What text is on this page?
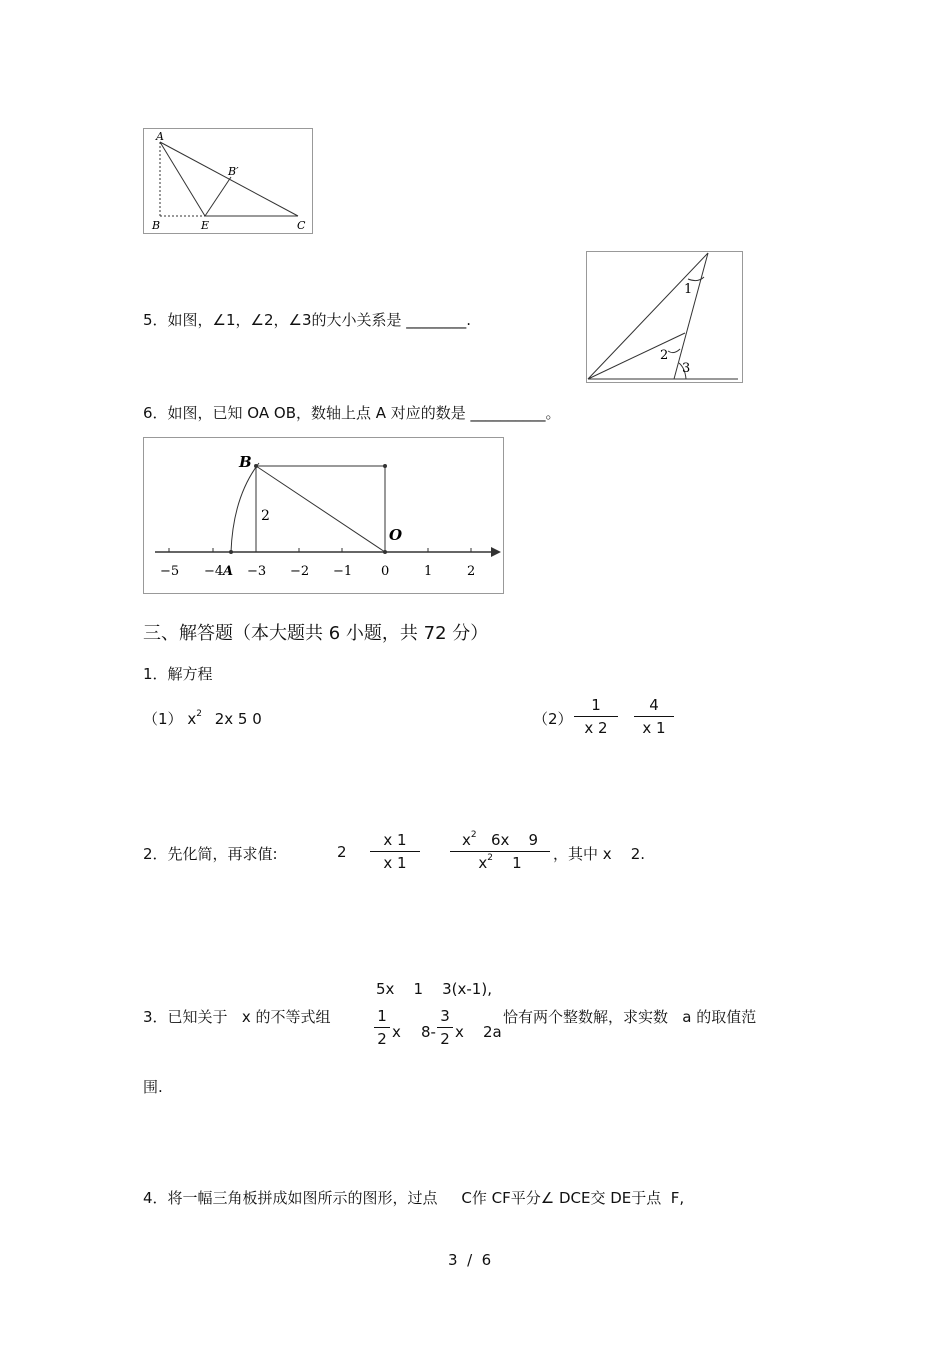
A
B′
B	E	C
5．如图，∠1，∠2，∠3的大小关系是 ________.
1
2
3
6．如图，已知 OA OB，数轴上点 A 对应的数是 __________。
B
O
2
−5 −4 A −3 −2 −1 0	1	2
三、解答题（本大题共 6 小题，共 72 分）
1．解方程
（1） $x^2$ 2x 5 0	（2）
1
x 2
4
x 1
2．先化简，再求值:	2
x 1
x 1
$x^2$   6x    9
$x^2$    1	，其中 x    2.
5x    1    3(x-1),
3．已知关于   x 的不等式组	1
2 x 8-
3
2 x    2a
恰有两个整数解，求实数   a 的取值范
围.
4．将一幅三角板拼成如图所示的图形，过点     C作 CF平分∠ DCE交 DE于点  F,
3  /  6
